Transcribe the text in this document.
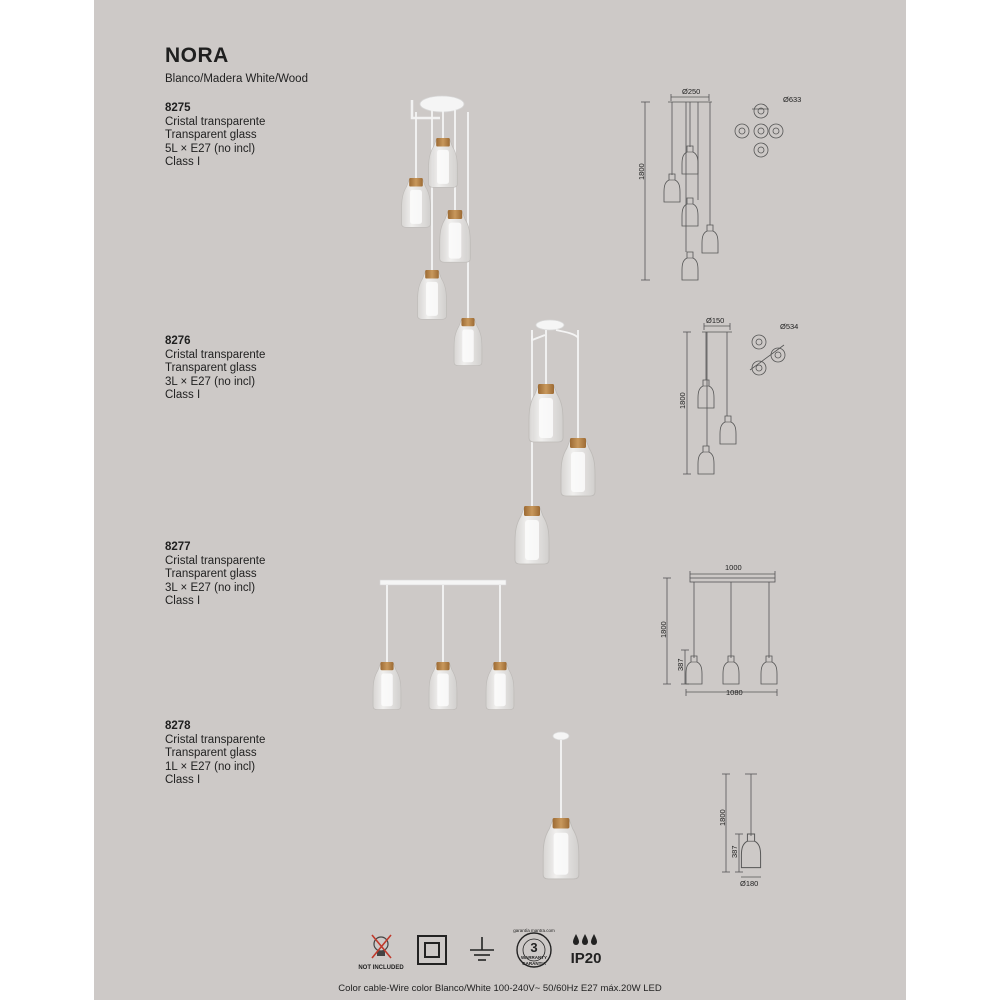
NORA
Blanco/Madera White/Wood
8275
Cristal transparente
Transparent glass
5L × E27 (no incl)
Class I
8276
Cristal transparente
Transparent glass
3L × E27 (no incl)
Class I
8277
Cristal transparente
Transparent glass
3L × E27 (no incl)
Class I
8278
Cristal transparente
Transparent glass
1L × E27 (no incl)
Class I
Ø250
Ø633
1800
Ø150
Ø534
1800
1000
1800
387
1080
1800
387
Ø180
NOT INCLUDED
3
garantía mantra.com
WARRANTY
GARANTIA	IP20
Color cable-Wire color Blanco/White 100-240V~ 50/60Hz E27 máx.20W LED
